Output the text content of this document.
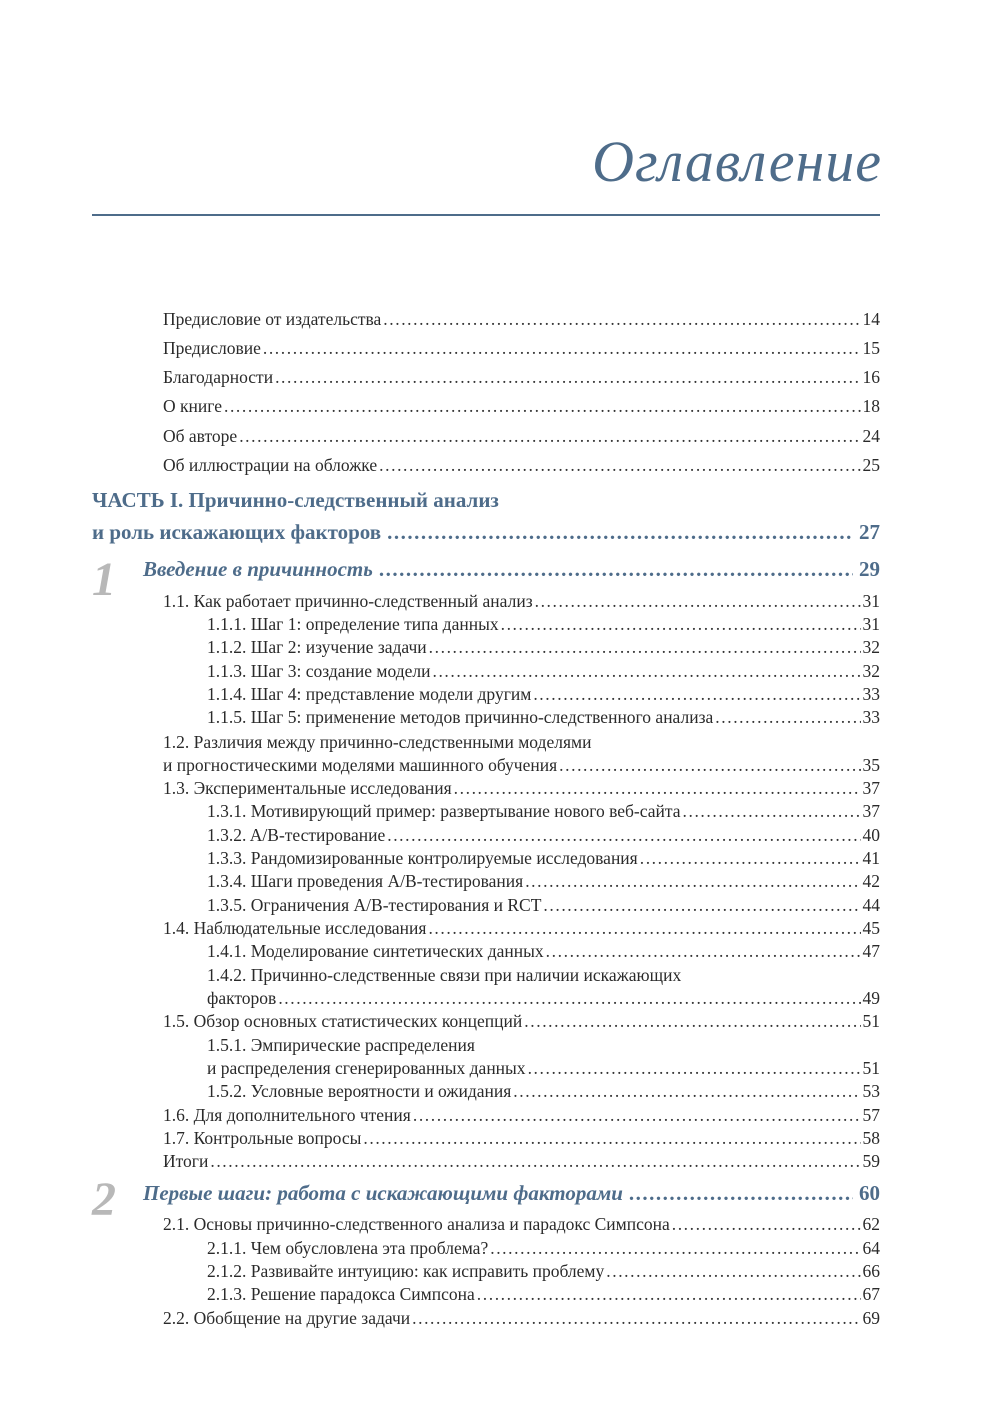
Оглавление
Предисловие от издательства .....	14
Предисловие .....	15
Благодарности .....	16
О книге .....	18
Об авторе .....	24
Об иллюстрации на обложке .....	25
ЧАСТЬ I. Причинно-следственный анализ
и роль искажающих факторов .....	27
1 Введение в причинность .....	29
1.1. Как работает причинно-следственный анализ .....	31
1.1.1. Шаг 1: определение типа данных .....	31
1.1.2. Шаг 2: изучение задачи .....	32
1.1.3. Шаг 3: создание модели .....	32
1.1.4. Шаг 4: представление модели другим .....	33
1.1.5. Шаг 5: применение методов причинно-следственного анализа .....	33
1.2. Различия между причинно-следственными моделями
и прогностическими моделями машинного обучения .....	35
1.3. Экспериментальные исследования .....	37
1.3.1. Мотивирующий пример: развертывание нового веб-сайта .....	37
1.3.2. A/B-тестирование .....	40
1.3.3. Рандомизированные контролируемые исследования .....	41
1.3.4. Шаги проведения A/B-тестирования .....	42
1.3.5. Ограничения A/B-тестирования и RCT .....	44
1.4. Наблюдательные исследования .....	45
1.4.1. Моделирование синтетических данных .....	47
1.4.2. Причинно-следственные связи при наличии искажающих
факторов .....	49
1.5. Обзор основных статистических концепций .....	51
1.5.1. Эмпирические распределения
и распределения сгенерированных данных .....	51
1.5.2. Условные вероятности и ожидания .....	53
1.6. Для дополнительного чтения .....	57
1.7. Контрольные вопросы .....	58
Итоги .....	59
2 Первые шаги: работа с искажающими факторами .....	60
2.1. Основы причинно-следственного анализа и парадокс Симпсона .....	62
2.1.1. Чем обусловлена эта проблема? .....	64
2.1.2. Развивайте интуицию: как исправить проблему .....	66
2.1.3. Решение парадокса Симпсона .....	67
2.2. Обобщение на другие задачи .....	69
